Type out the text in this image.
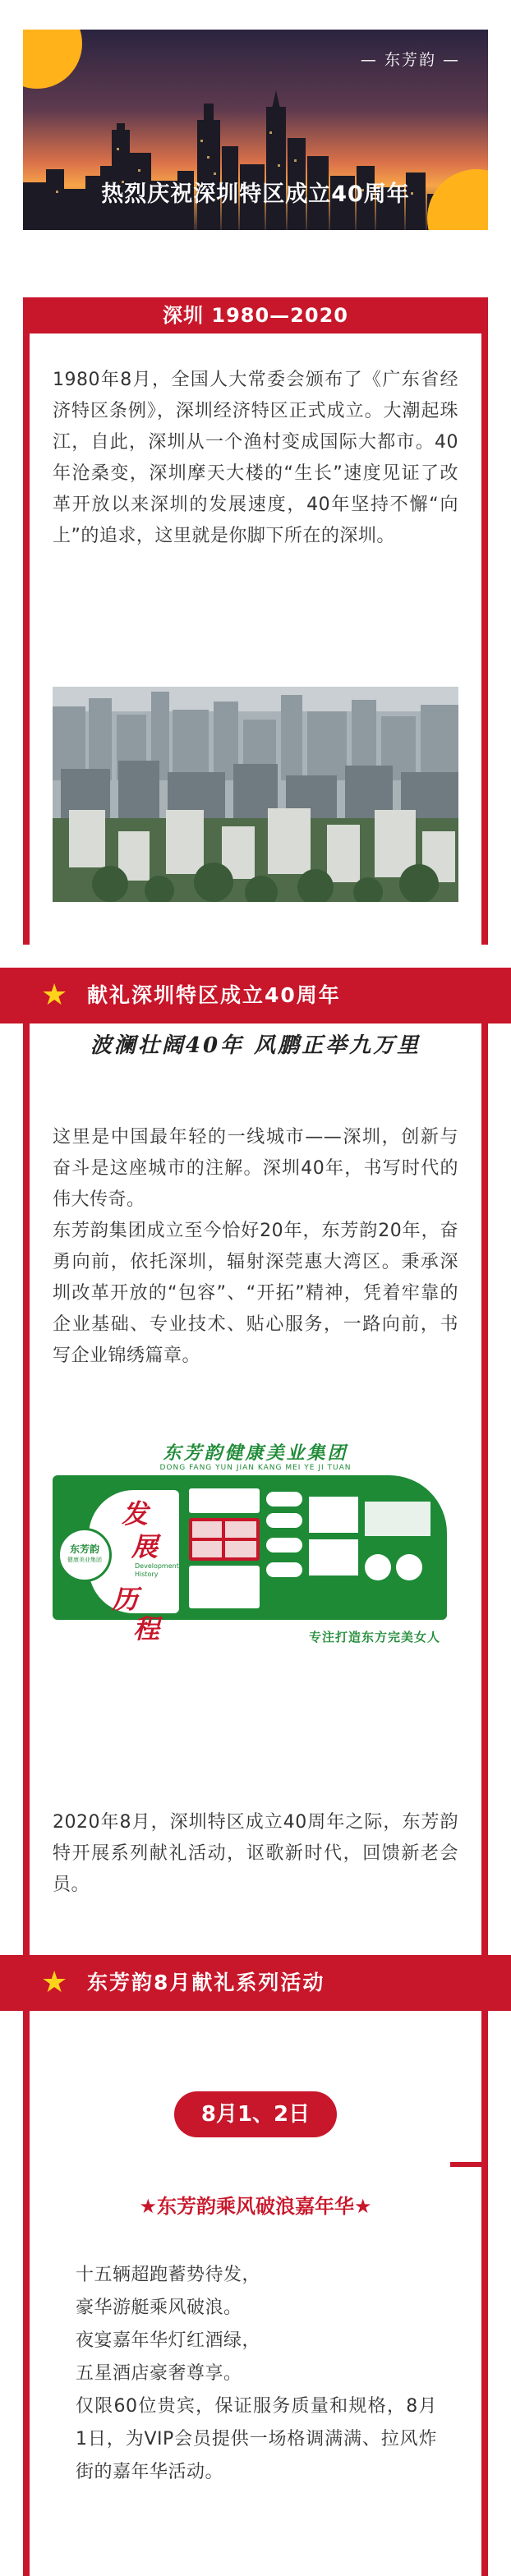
— 东芳韵 —
热烈庆祝深圳特区成立40周年
深圳 1980—2020
1980年8月，全国人大常委会颁布了《广东省经济特区条例》，深圳经济特区正式成立。大潮起珠江，自此，深圳从一个渔村变成国际大都市。40年沧桑变，深圳摩天大楼的“生长”速度见证了改革开放以来深圳的发展速度，40年坚持不懈“向上”的追求，这里就是你脚下所在的深圳。
★ 献礼深圳特区成立40周年
波澜壮阔40年 风鹏正举九万里
这里是中国最年轻的一线城市——深圳，创新与奋斗是这座城市的注解。深圳40年，书写时代的伟大传奇。
东芳韵集团成立至今恰好20年，东芳韵20年，奋勇向前，依托深圳，辐射深莞惠大湾区。秉承深圳改革开放的“包容”、“开拓”精神，凭着牢靠的企业基础、专业技术、贴心服务，一路向前，书写企业锦绣篇章。
东芳韵健康美业集团
DONG FANG YUN JIAN KANG MEI YE JI TUAN
东芳韵
健康美业集团
发
展
Development History
历
程	专注打造东方完美女人
2020年8月，深圳特区成立40周年之际，东芳韵特开展系列献礼活动，讴歌新时代，回馈新老会员。
★ 东芳韵8月献礼系列活动
8月1、2日
★东芳韵乘风破浪嘉年华★
十五辆超跑蓄势待发，
豪华游艇乘风破浪。
夜宴嘉年华灯红酒绿，
五星酒店豪奢尊享。
仅限60位贵宾，保证服务质量和规格，8月1日，为VIP会员提供一场格调满满、拉风炸街的嘉年华活动。
